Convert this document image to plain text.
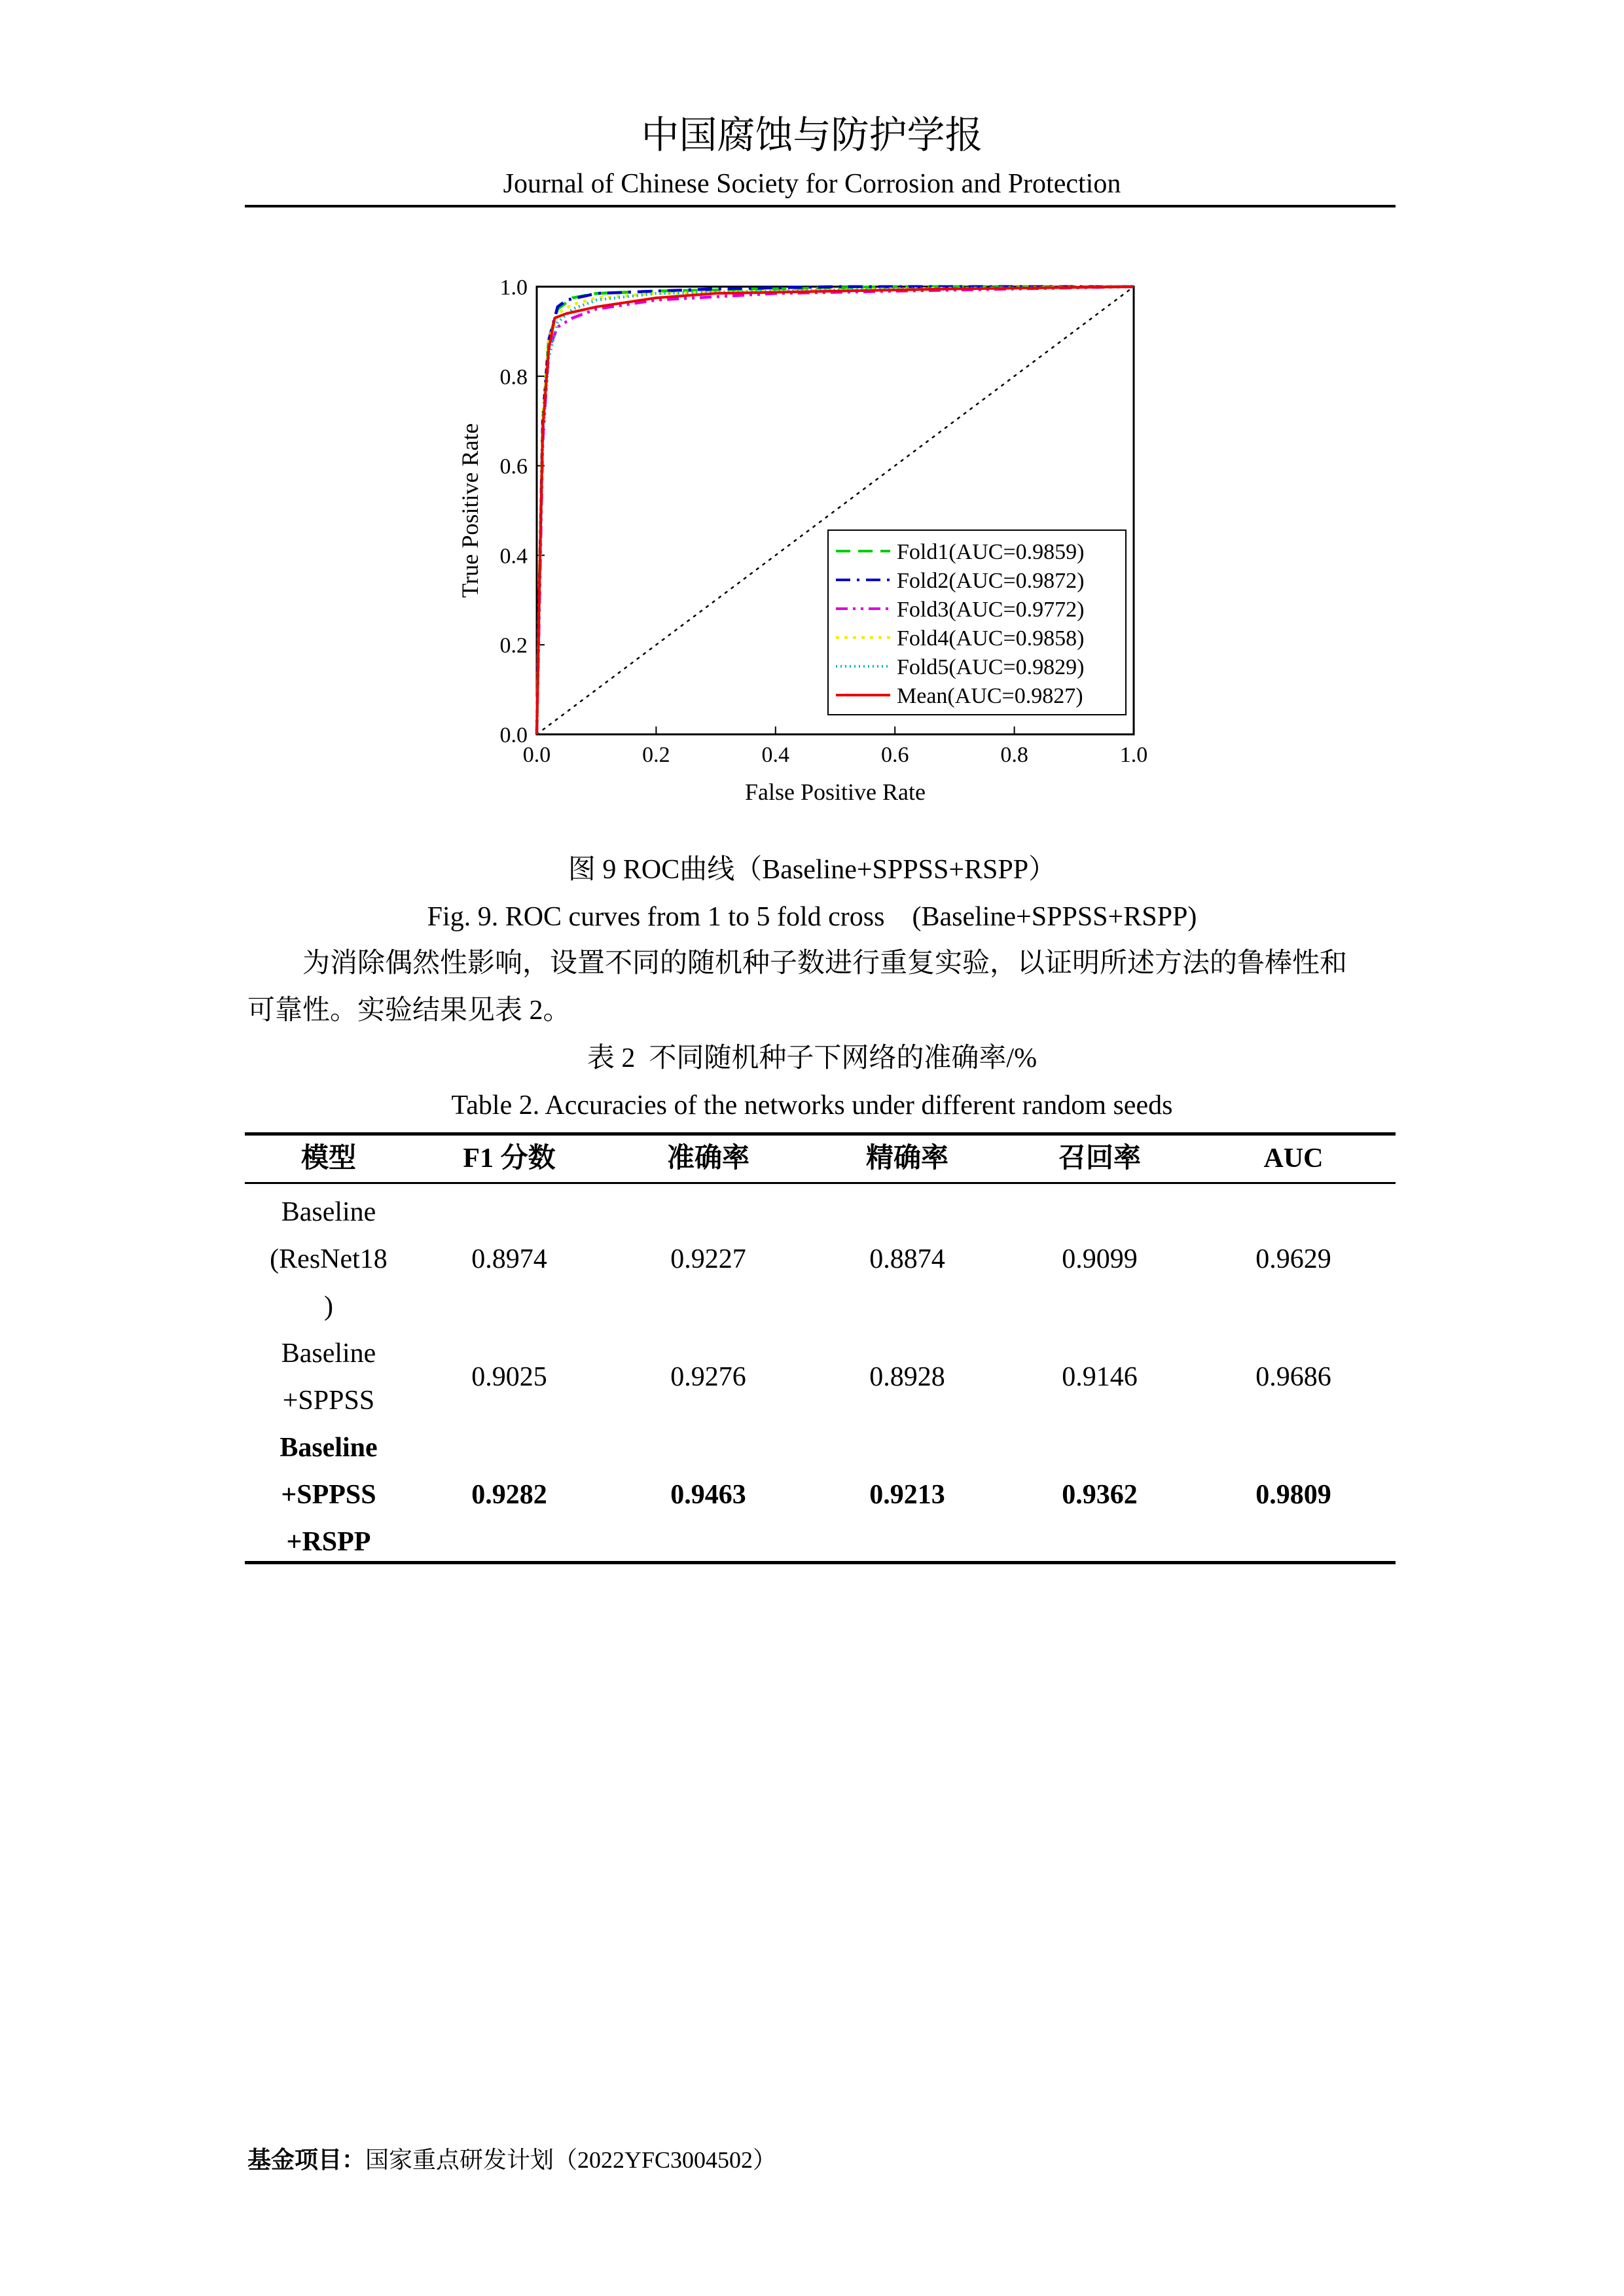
中国腐蚀与防护学报
Journal of Chinese Society for Corrosion and Protection
0.0	0.2	0.4	0.6	0.8	1.0
0.0
0.2
0.4
0.6
0.8
1.0
False Positive Rate
True Positive Rate	Fold1(AUC=0.9859)
Fold2(AUC=0.9872)
Fold3(AUC=0.9772)
Fold4(AUC=0.9858)
Fold5(AUC=0.9829)
Mean(AUC=0.9827)
图 9 ROC曲线（Baseline+SPPSS+RSPP）
Fig. 9. ROC curves from 1 to 5 fold cross　(Baseline+SPPSS+RSPP)
　　为消除偶然性影响，设置不同的随机种子数进行重复实验，以证明所述方法的鲁棒性和
可靠性。实验结果见表 2。
表 2  不同随机种子下网络的准确率/%
Table 2. Accuracies of the networks under different random seeds
模型	F1 分数	准确率	精确率	召回率	AUC
Baseline
(ResNet18
)
0.8974	0.9227	0.8874	0.9099	0.9629
Baseline
+SPPSS
0.9025	0.9276	0.8928	0.9146	0.9686
Baseline
+SPPSS
+RSPP
0.9282	0.9463	0.9213	0.9362	0.9809
基金项目：国家重点研发计划（2022YFC3004502）
